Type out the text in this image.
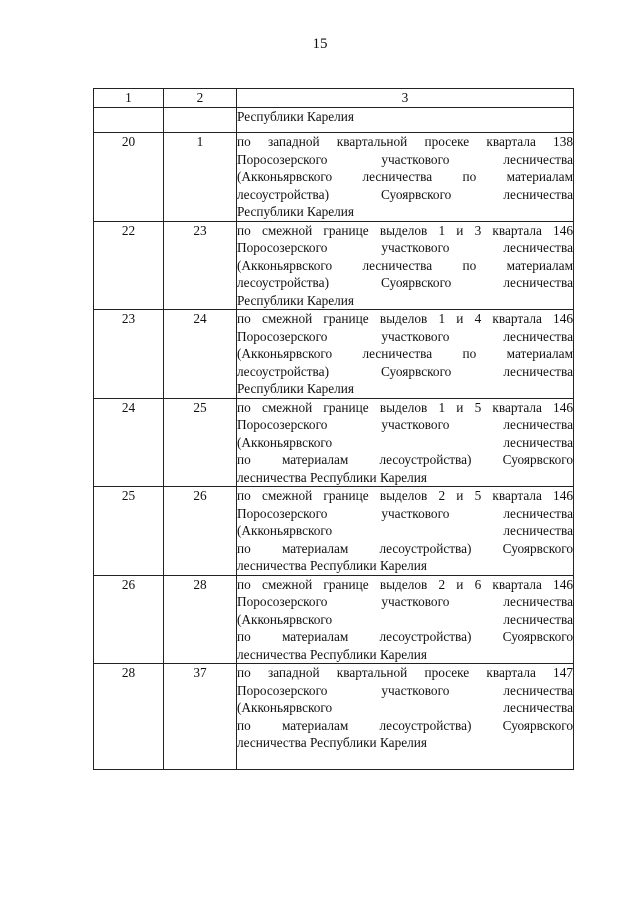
15
1	2	3

		Республики Карелия

20	1	по западной квартальной просеке квартала 138
Поросозерского участкового лесничества
(Акконьярвского лесничества по материалам
лесоустройства) Суоярвского лесничества
Республики Карелия

22	23	по смежной границе выделов 1 и 3 квартала 146
Поросозерского участкового лесничества
(Акконьярвского лесничества по материалам
лесоустройства) Суоярвского лесничества
Республики Карелия

23	24	по смежной границе выделов 1 и 4 квартала 146
Поросозерского участкового лесничества
(Акконьярвского лесничества по материалам
лесоустройства) Суоярвского лесничества
Республики Карелия

24	25	по смежной границе выделов 1 и 5 квартала 146
Поросозерского участкового лесничества
(Акконьярвского лесничества
по материалам лесоустройства) Суоярвского
лесничества Республики Карелия

25	26	по смежной границе выделов 2 и 5 квартала 146
Поросозерского участкового лесничества
(Акконьярвского лесничества
по материалам лесоустройства) Суоярвского
лесничества Республики Карелия

26	28	по смежной границе выделов 2 и 6 квартала 146
Поросозерского участкового лесничества
(Акконьярвского лесничества
по материалам лесоустройства) Суоярвского
лесничества Республики Карелия

28	37	по западной квартальной просеке квартала 147
Поросозерского участкового лесничества
(Акконьярвского лесничества
по материалам лесоустройства) Суоярвского
лесничества Республики Карелия
